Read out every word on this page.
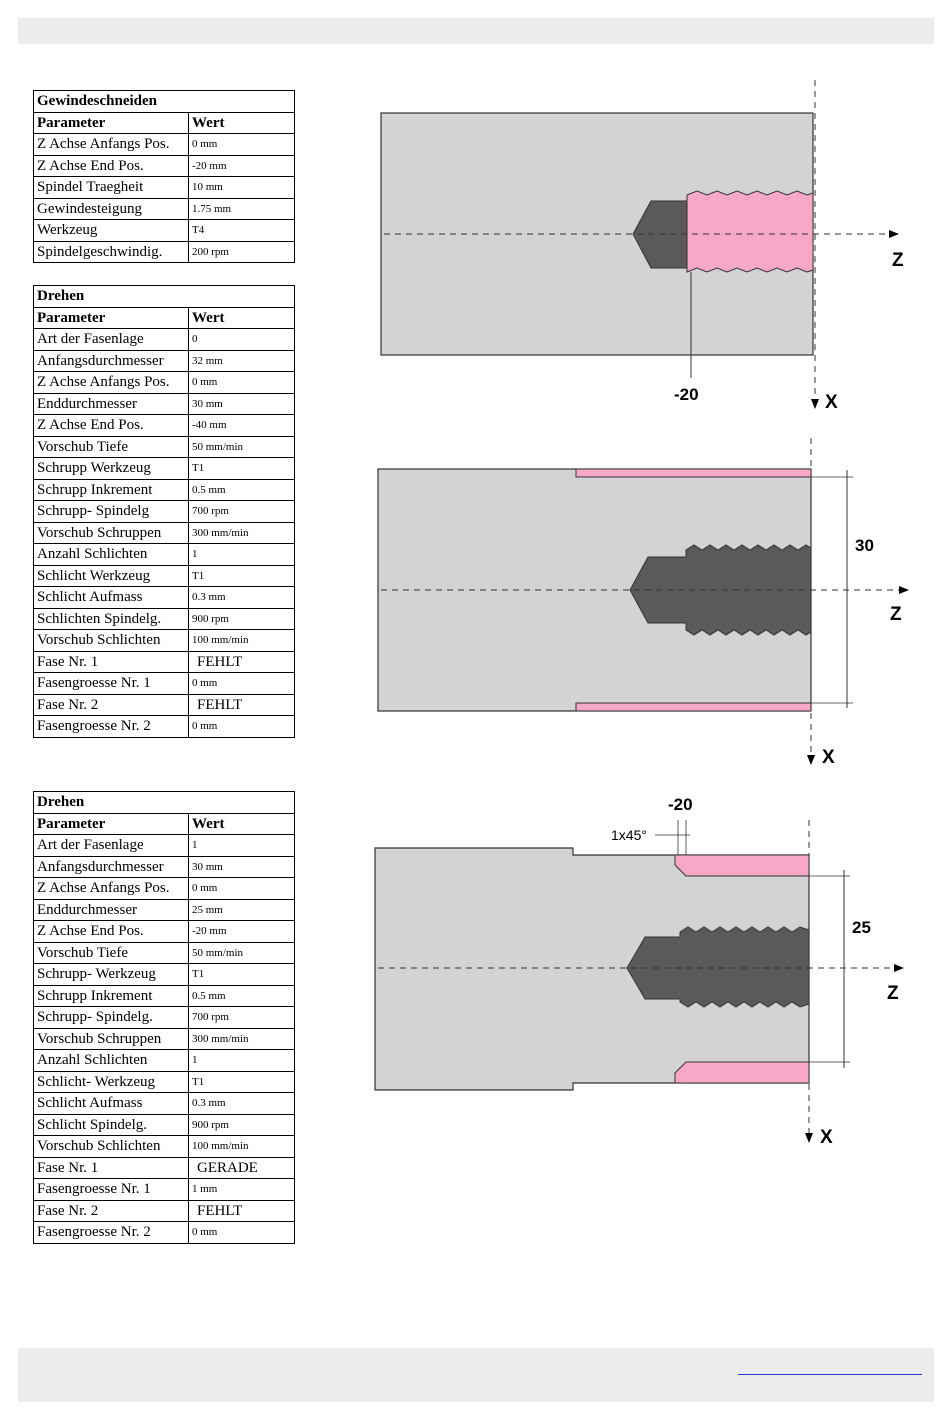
Gewindeschneiden	
Parameter	Wert
Z Achse Anfangs Pos.	0 mm
Z Achse End Pos.	-20 mm
Spindel Traegheit	10 mm
Gewindesteigung	1.75 mm
Werkzeug	T4
Spindelgeschwindig.	200 rpm
Drehen	
Parameter	Wert
Art der Fasenlage	0
Anfangsdurchmesser	32 mm
Z Achse Anfangs Pos.	0 mm
Enddurchmesser	30 mm
Z Achse End Pos.	-40 mm
Vorschub Tiefe	50 mm/min
Schrupp Werkzeug	T1
Schrupp Inkrement	0.5 mm
Schrupp- Spindelg	700 rpm
Vorschub Schruppen	300 mm/min
Anzahl Schlichten	1
Schlicht Werkzeug	T1
Schlicht Aufmass	0.3 mm
Schlichten Spindelg.	900 rpm
Vorschub Schlichten	100 mm/min
Fase Nr. 1	FEHLT
Fasengroesse Nr. 1	0 mm
Fase Nr. 2	FEHLT
Fasengroesse Nr. 2	0 mm
Drehen	
Parameter	Wert
Art der Fasenlage	1
Anfangsdurchmesser	30 mm
Z Achse Anfangs Pos.	0 mm
Enddurchmesser	25 mm
Z Achse End Pos.	-20 mm
Vorschub Tiefe	50 mm/min
Schrupp- Werkzeug	T1
Schrupp Inkrement	0.5 mm
Schrupp- Spindelg.	700 rpm
Vorschub Schruppen	300 mm/min
Anzahl Schlichten	1
Schlicht- Werkzeug	T1
Schlicht Aufmass	0.3 mm
Schlicht Spindelg.	900 rpm
Vorschub Schlichten	100 mm/min
Fase Nr. 1	GERADE
Fasengroesse Nr. 1	1 mm
Fase Nr. 2	FEHLT
Fasengroesse Nr. 2	0 mm
-20
Z
X
30
Z
X
-20
1x45°
25
Z
X
